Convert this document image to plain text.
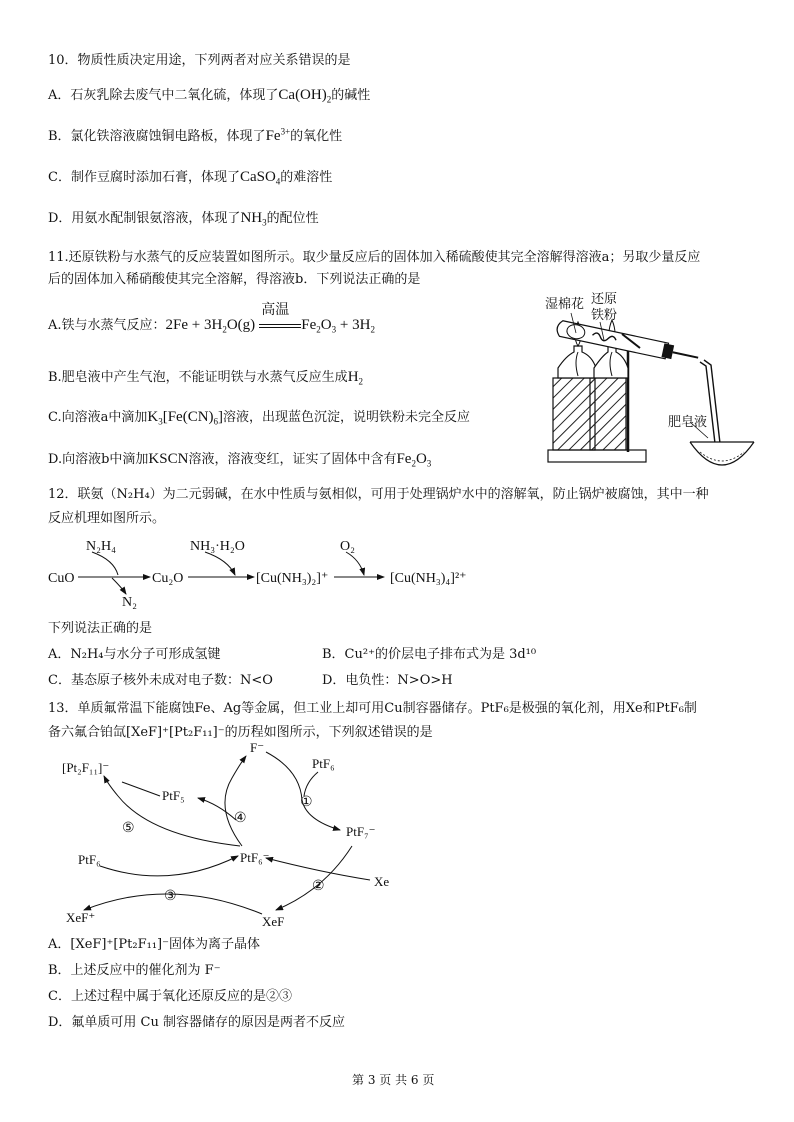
10．物质性质决定用途，下列两者对应关系错误的是
A．石灰乳除去废气中二氧化硫，体现了$Ca(OH)_2$的碱性
B．氯化铁溶液腐蚀铜电路板，体现了$Fe^{3+}$的氧化性
C．制作豆腐时添加石膏，体现了CaSO$_4$的难溶性
D．用氨水配制银氨溶液，体现了$NH_3$的配位性
11.还原铁粉与水蒸气的反应装置如图所示。取少量反应后的固体加入稀硫酸使其完全溶解得溶液a；另取少量反应
后的固体加入稀硝酸使其完全溶解，得溶液b．下列说法正确的是
A.铁与水蒸气反应：$2Fe + 3H_2O(g)$
高温
$Fe_2O_3 + 3H_2$
B.肥皂液中产生气泡，不能证明铁与水蒸气反应生成$H_2$
C.向溶液a中滴加$K_3[Fe(CN)_6]$溶液，出现蓝色沉淀，说明铁粉未完全反应
D.向溶液b中滴加KSCN溶液，溶液变红，证实了固体中含有$Fe_2O_3$
湿棉花 还原
铁粉
肥皂液
12．联氨（N₂H₄）为二元弱碱，在水中性质与氨相似，可用于处理锅炉水中的溶解氧，防止锅炉被腐蚀，其中一种
反应机理如图所示。
CuO
N₂H₄
N₂
Cu₂O
NH₃·H₂O
[Cu(NH₃)₂]⁺
O₂
[Cu(NH₃)₄]²⁺
下列说法正确的是
A．N₂H₄与水分子可形成氢键	B．Cu²⁺的价层电子排布式为是 3d¹⁰
C．基态原子核外未成对电子数：N<O	D．电负性：N>O>H
13．单质氟常温下能腐蚀Fe、Ag等金属，但工业上却可用Cu制容器储存。PtF₆是极强的氧化剂，用Xe和PtF₆制
备六氟合铂氙[XeF]⁺[Pt₂F₁₁]⁻的历程如图所示，下列叙述错误的是
[Pt₂F₁₁]⁻
F⁻
PtF₆
PtF₅
PtF₇⁻
PtF₆	PtF₆⁻
Xe
XeF⁺	XeF
⑤
④
①
②
③
A．[XeF]⁺[Pt₂F₁₁]⁻固体为离子晶体
B．上述反应中的催化剂为 F⁻
C．上述过程中属于氧化还原反应的是②③
D．氟单质可用 Cu 制容器储存的原因是两者不反应
第 3 页 共 6 页
